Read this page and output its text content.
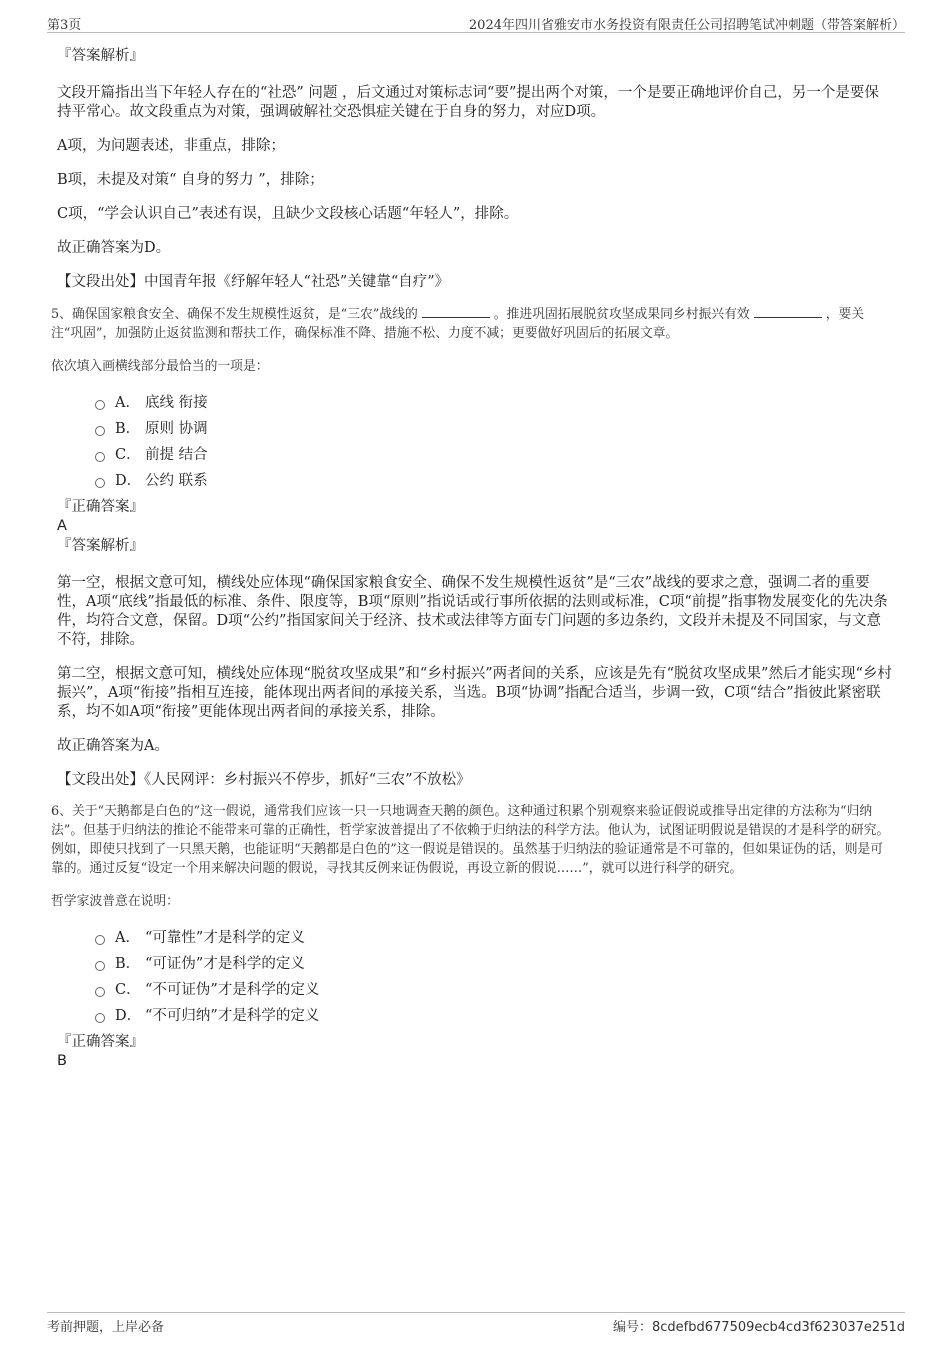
第3页	2024年四川省雅安市水务投资有限责任公司招聘笔试冲刺题（带答案解析）
『答案解析』
文段开篇指出当下年轻人存在的“社恐” 问题 ，后文通过对策标志词“要”提出两个对策，一个是要正确地评价自己，另一个是要保持平常心。故文段重点为对策，强调破解社交恐惧症关键在于自身的努力，对应D项。
A项，为问题表述，非重点，排除；
B项，未提及对策“ 自身的努力 ”，排除；
C项，“学会认识自己”表述有误，且缺少文段核心话题“年轻人”，排除。
故正确答案为D。
【文段出处】中国青年报《纾解年轻人“社恐”关键靠“自疗”》
5、确保国家粮食安全、确保不发生规模性返贫，是“三农”战线的	。推进巩固拓展脱贫攻坚成果同乡村振兴有效	，要关注“巩固”，加强防止返贫监测和帮扶工作，确保标准不降、措施不松、力度不减；更要做好巩固后的拓展文章。
依次填入画横线部分最恰当的一项是：
A． 底线 衔接
B． 原则 协调
C． 前提 结合
D． 公约 联系
『正确答案』
A
『答案解析』
第一空，根据文意可知，横线处应体现“确保国家粮食安全、确保不发生规模性返贫”是“三农”战线的要求之意，强调二者的重要性，A项“底线”指最低的标准、条件、限度等，B项“原则”指说话或行事所依据的法则或标准，C项“前提”指事物发展变化的先决条件，均符合文意，保留。D项“公约”指国家间关于经济、技术或法律等方面专门问题的多边条约，文段并未提及不同国家，与文意不符，排除。
第二空，根据文意可知，横线处应体现“脱贫攻坚成果”和“乡村振兴”两者间的关系，应该是先有“脱贫攻坚成果”然后才能实现“乡村振兴”，A项“衔接”指相互连接，能体现出两者间的承接关系，当选。B项“协调”指配合适当，步调一致，C项“结合”指彼此紧密联系，均不如A项“衔接”更能体现出两者间的承接关系，排除。
故正确答案为A。
【文段出处】《人民网评：乡村振兴不停步，抓好“三农”不放松》
6、关于“天鹅都是白色的”这一假说，通常我们应该一只一只地调查天鹅的颜色。这种通过积累个别观察来验证假说或推导出定律的方法称为“归纳法”。但基于归纳法的推论不能带来可靠的正确性，哲学家波普提出了不依赖于归纳法的科学方法。他认为，试图证明假说是错误的才是科学的研究。例如，即使只找到了一只黑天鹅，也能证明“天鹅都是白色的”这一假说是错误的。虽然基于归纳法的验证通常是不可靠的，但如果证伪的话，则是可靠的。通过反复“设定一个用来解决问题的假说，寻找其反例来证伪假说，再设立新的假说……”，就可以进行科学的研究。
哲学家波普意在说明：
A． “可靠性”才是科学的定义
B． “可证伪”才是科学的定义
C． “不可证伪”才是科学的定义
D． “不可归纳”才是科学的定义
『正确答案』
B
考前押题，上岸必备	编号：8cdefbd677509ecb4cd3f623037e251d
